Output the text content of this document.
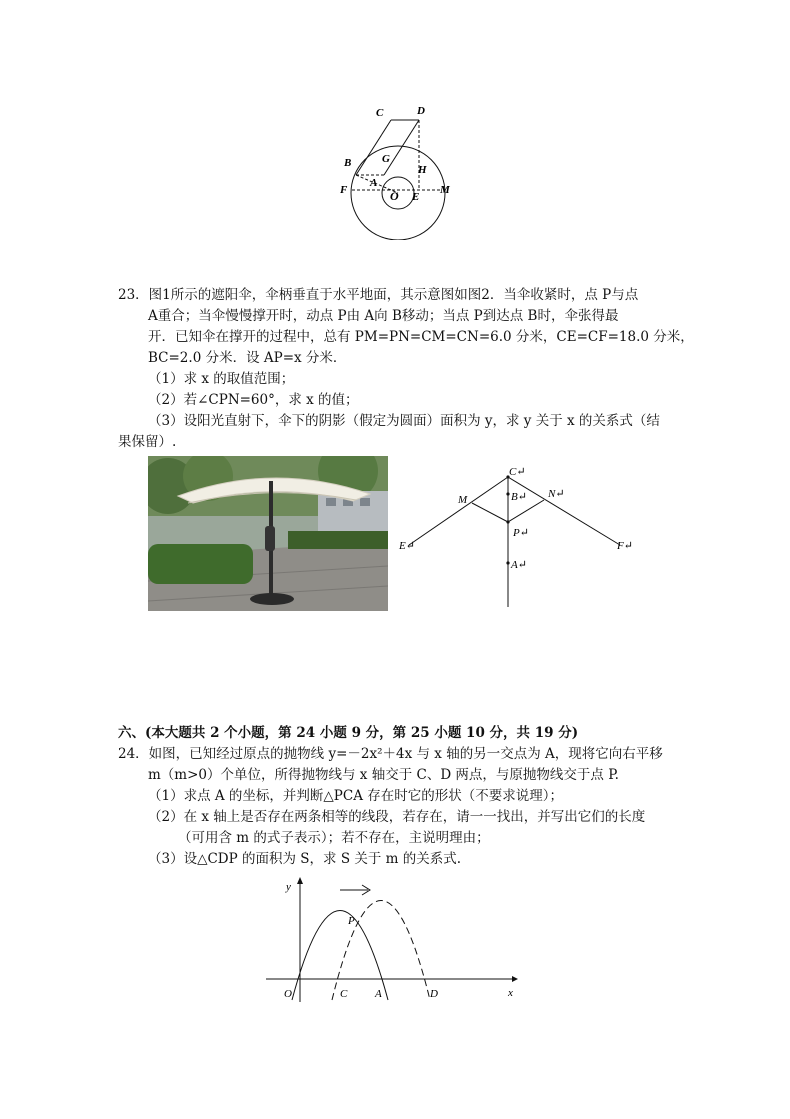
C	D
B	G
H
F
A
O E
M
23．图1所示的遮阳伞，伞柄垂直于水平地面，其示意图如图2．当伞收紧时，点 P与点
A重合；当伞慢慢撑开时，动点 P由 A向 B移动；当点 P到达点 B时，伞张得最
开．已知伞在撑开的过程中，总有 PM=PN=CM=CN=6.0 分米，CE=CF=18.0 分米，
BC=2.0 分米．设 AP=x 分米．
（1）求 x 的取值范围；
（2）若∠CPN=60°，求 x 的值；
（3）设阳光直射下，伞下的阴影（假定为圆面）面积为 y，求 y 关于 x 的关系式（结
果保留）.
C↵
B↵
M	N↵
P↵
A↵
E↵	F↵
六、(本大题共 2 个小题，第 24 小题 9 分，第 25 小题 10 分，共 19 分)
24．如图，已知经过原点的抛物线 y=－2x²＋4x 与 x 轴的另一交点为 A，现将它向右平移
m（m>0）个单位，所得抛物线与 x 轴交于 C、D 两点，与原抛物线交于点 P.
（1）求点 A 的坐标，并判断△PCA 存在时它的形状（不要求说理）；
（2）在 x 轴上是否存在两条相等的线段，若存在，请一一找出，并写出它们的长度
（可用含 m 的式子表示）；若不存在，主说明理由；
（3）设△CDP 的面积为 S，求 S 关于 m 的关系式.
y
x
O	C	A	D
P
